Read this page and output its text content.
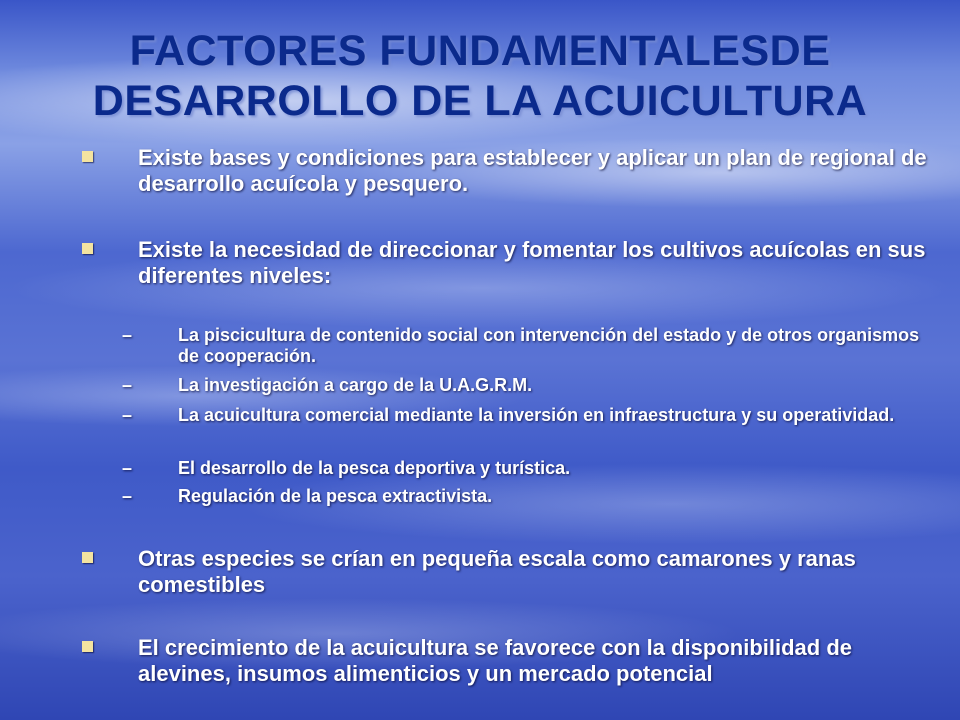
FACTORES FUNDAMENTALESDE
DESARROLLO DE LA ACUICULTURA
Existe bases y condiciones para establecer y aplicar un plan de regional de desarrollo acuícola y pesquero.
Existe la necesidad de direccionar y fomentar los cultivos acuícolas en sus diferentes niveles:
–	La piscicultura de contenido social con intervención del estado y de otros organismos de cooperación.
–	La investigación a cargo de la U.A.G.R.M.
–	La acuicultura comercial mediante la inversión en infraestructura y su operatividad.
–	El desarrollo de la pesca deportiva y turística.
–	Regulación de la pesca extractivista.
Otras especies se crían en pequeña escala como camarones y ranas comestibles
El crecimiento de la acuicultura se favorece con la disponibilidad de alevines, insumos alimenticios y un mercado potencial
